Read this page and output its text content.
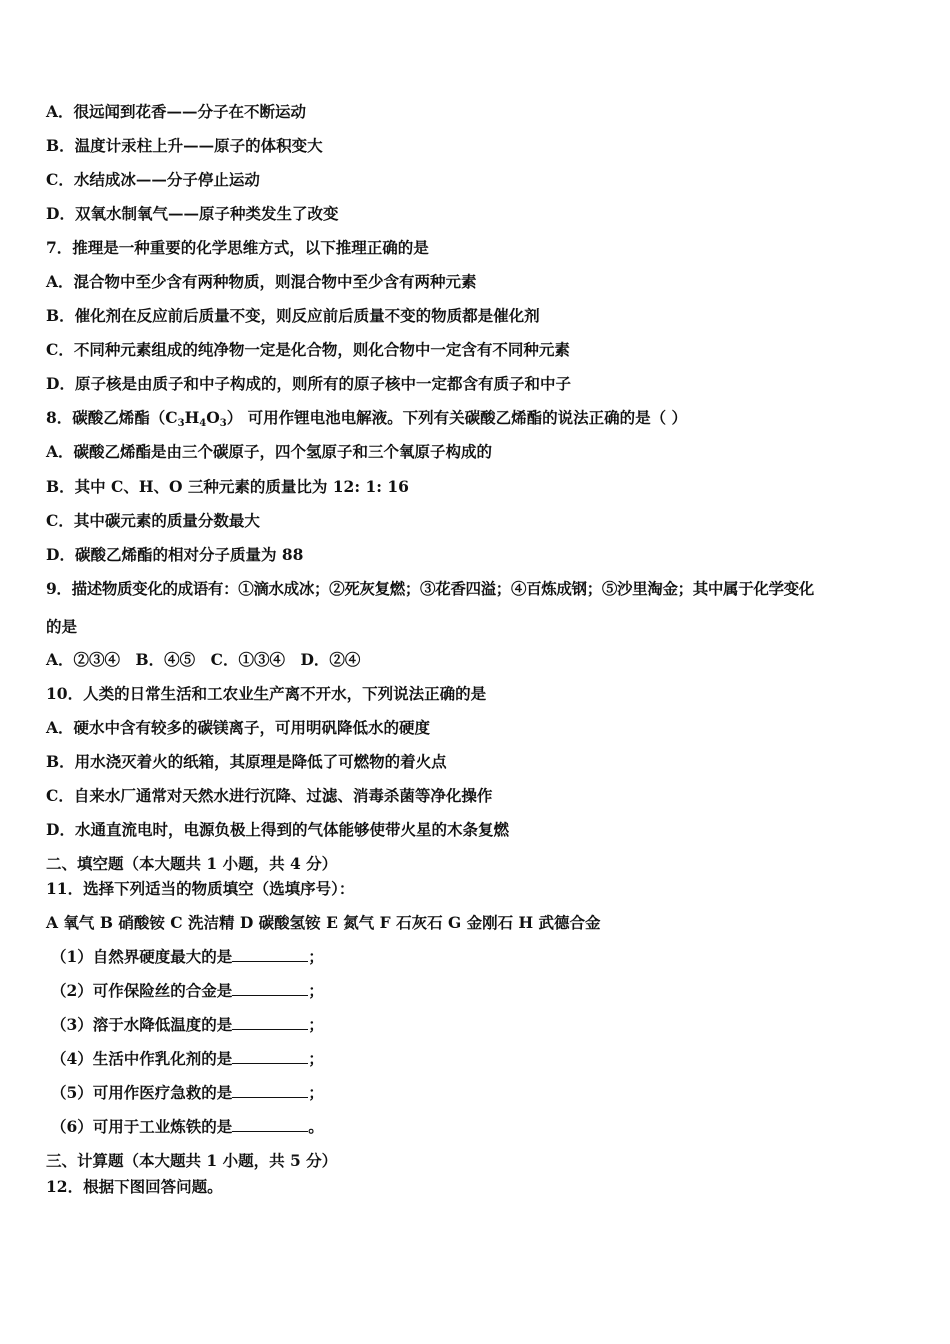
A．很远闻到花香——分子在不断运动
B．温度计汞柱上升——原子的体积变大
C．水结成冰——分子停止运动
D．双氧水制氧气——原子种类发生了改变
7．推理是一种重要的化学思维方式，以下推理正确的是
A．混合物中至少含有两种物质，则混合物中至少含有两种元素
B．催化剂在反应前后质量不变，则反应前后质量不变的物质都是催化剂
C．不同种元素组成的纯净物一定是化合物，则化合物中一定含有不同种元素
D．原子核是由质子和中子构成的，则所有的原子核中一定都含有质子和中子
8．碳酸乙烯酯$(C_3H_4O_3)$ 可用作锂电池电解液。下列有关碳酸乙烯酯的说法正确的是（ ）
A．碳酸乙烯酯是由三个碳原子，四个氢原子和三个氧原子构成的
B．其中 C、H、O 三种元素的质量比为 12: 1: 16
C．其中碳元素的质量分数最大
D．碳酸乙烯酯的相对分子质量为 88
9．描述物质变化的成语有：①滴水成冰；②死灰复燃；③花香四溢；④百炼成钢；⑤沙里淘金；其中属于化学变化
的是
A．②③④　B．④⑤　C．①③④　D．②④
10．人类的日常生活和工农业生产离不开水，下列说法正确的是
A．硬水中含有较多的碳镁离子，可用明矾降低水的硬度
B．用水浇灭着火的纸箱，其原理是降低了可燃物的着火点
C．自来水厂通常对天然水进行沉降、过滤、消毒杀菌等净化操作
D．水通直流电时，电源负极上得到的气体能够使带火星的木条复燃
二、填空题（本大题共 1 小题，共 4 分）
11．选择下列适当的物质填空（选填序号）：
A 氧气 B 硝酸铵 C 洗洁精 D 碳酸氢铵 E 氮气 F 石灰石 G 金刚石 H 武德合金
（1）自然界硬度最大的是	；
（2）可作保险丝的合金是	；
（3）溶于水降低温度的是	；
（4）生活中作乳化剂的是	；
（5）可用作医疗急救的是	；
（6）可用于工业炼铁的是	。
三、计算题（本大题共 1 小题，共 5 分）
12．根据下图回答问题。
